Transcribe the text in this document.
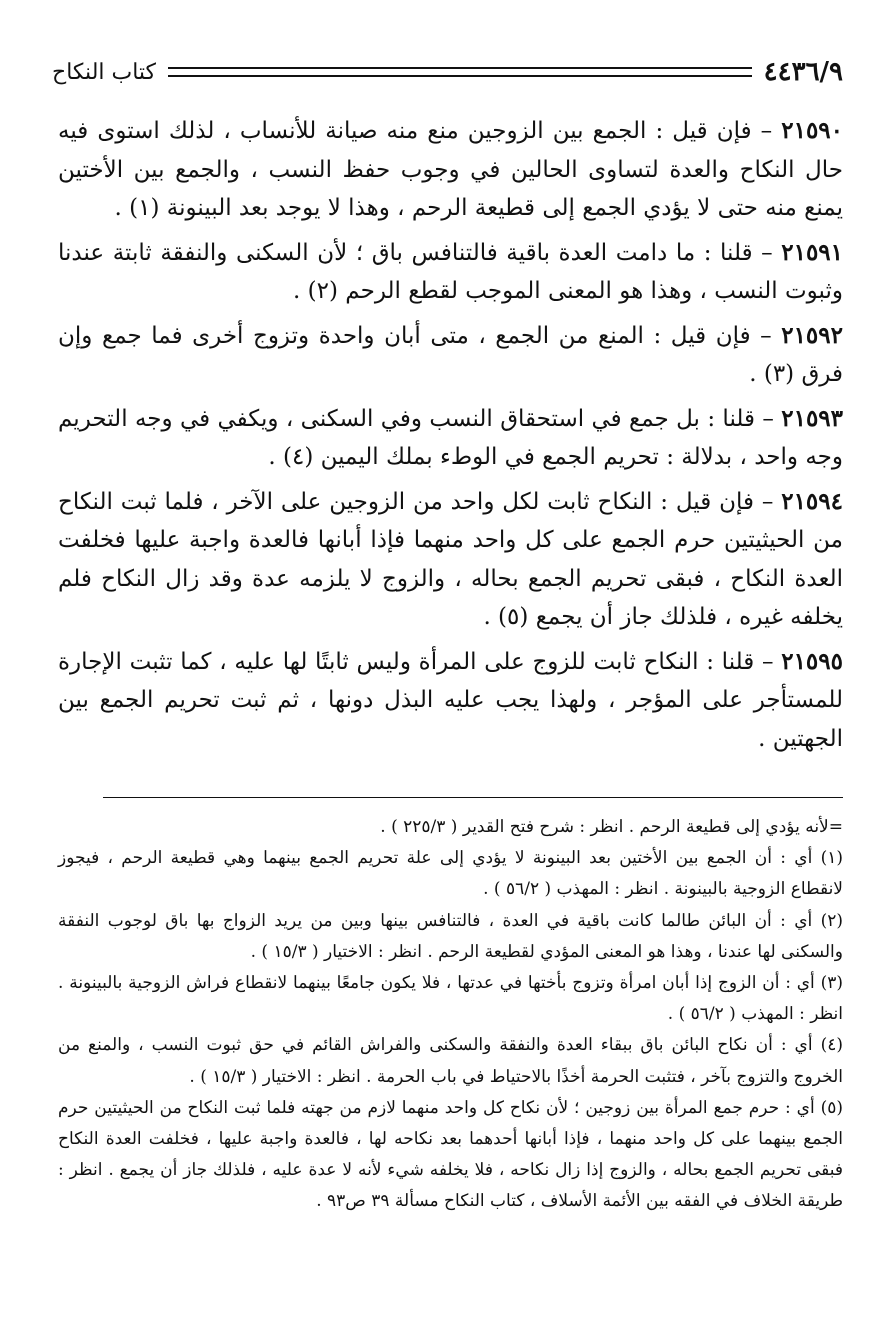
٤٤٣٦/٩
كتاب النكاح

٢١٥٩٠ – فإن قيل : الجمع بين الزوجين منع منه صيانة للأنساب ، لذلك استوى فيه حال النكاح والعدة لتساوى الحالين في وجوب حفظ النسب ، والجمع بين الأختين يمنع منه حتى لا يؤدي الجمع إلى قطيعة الرحم ، وهذا لا يوجد بعد البينونة (١) .

٢١٥٩١ – قلنا : ما دامت العدة باقية فالتنافس باق ؛ لأن السكنى والنفقة ثابتة عندنا وثبوت النسب ، وهذا هو المعنى الموجب لقطع الرحم (٢) .

٢١٥٩٢ – فإن قيل : المنع من الجمع ، متى أبان واحدة وتزوج أخرى فما جمع وإن فرق (٣) .

٢١٥٩٣ – قلنا : بل جمع في استحقاق النسب وفي السكنى ، ويكفي في وجه التحريم وجه واحد ، بدلالة : تحريم الجمع في الوطء بملك اليمين (٤) .

٢١٥٩٤ – فإن قيل : النكاح ثابت لكل واحد من الزوجين على الآخر ، فلما ثبت النكاح من الحيثيتين حرم الجمع على كل واحد منهما فإذا أبانها فالعدة واجبة عليها فخلفت العدة النكاح ، فبقى تحريم الجمع بحاله ، والزوج لا يلزمه عدة وقد زال النكاح فلم يخلفه غيره ، فلذلك جاز أن يجمع (٥) .

٢١٥٩٥ – قلنا : النكاح ثابت للزوج على المرأة وليس ثابتًا لها عليه ، كما تثبت الإجارة للمستأجر على المؤجر ، ولهذا يجب عليه البذل دونها ، ثم ثبت تحريم الجمع بين الجهتين .

=لأنه يؤدي إلى قطيعة الرحم . انظر : شرح فتح القدير ( ٢٢٥/٣ ) .

(١) أي : أن الجمع بين الأختين بعد البينونة لا يؤدي إلى علة تحريم الجمع بينهما وهي قطيعة الرحم ، فيجوز لانقطاع الزوجية بالبينونة . انظر : المهذب ( ٥٦/٢ ) .

(٢) أي : أن البائن طالما كانت باقية في العدة ، فالتنافس بينها وبين من يريد الزواج بها باق لوجوب النفقة والسكنى لها عندنا ، وهذا هو المعنى المؤدي لقطيعة الرحم . انظر : الاختيار ( ١٥/٣ ) .

(٣) أي : أن الزوج إذا أبان امرأة وتزوج بأختها في عدتها ، فلا يكون جامعًا بينهما لانقطاع فراش الزوجية بالبينونة . انظر : المهذب ( ٥٦/٢ ) .

(٤) أي : أن نكاح البائن باق ببقاء العدة والنفقة والسكنى والفراش القائم في حق ثبوت النسب ، والمنع من الخروج والتزوج بآخر ، فتثبت الحرمة أخذًا بالاحتياط في باب الحرمة . انظر : الاختيار ( ١٥/٣ ) .

(٥) أي : حرم جمع المرأة بين زوجين ؛ لأن نكاح كل واحد منهما لازم من جهته فلما ثبت النكاح من الحيثيتين حرم الجمع بينهما على كل واحد منهما ، فإذا أبانها أحدهما بعد نكاحه لها ، فالعدة واجبة عليها ، فخلفت العدة النكاح فبقى تحريم الجمع بحاله ، والزوج إذا زال نكاحه ، فلا يخلفه شيء لأنه لا عدة عليه ، فلذلك جاز أن يجمع . انظر : طريقة الخلاف في الفقه بين الأئمة الأسلاف ، كتاب النكاح مسألة ٣٩ ص٩٣ .
